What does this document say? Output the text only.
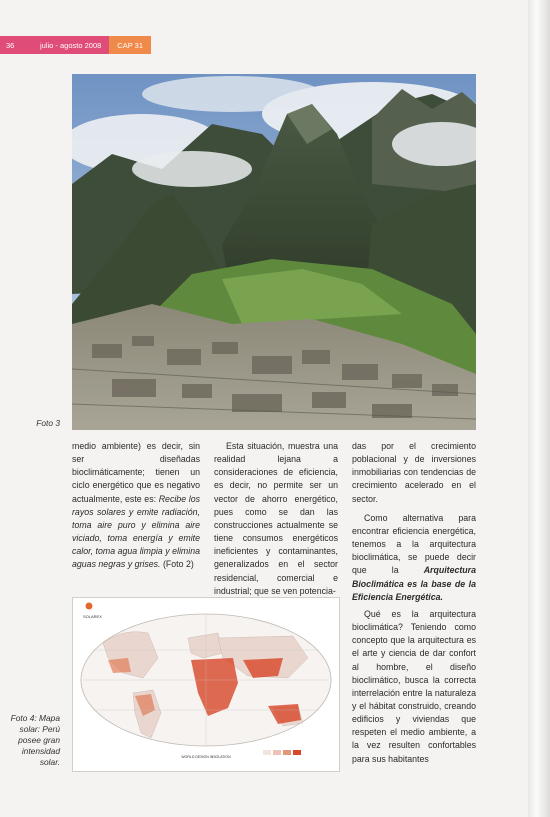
36	julio - agosto 2008	CAP 31
Foto 3

medio ambiente) es decir, sin ser diseñadas bioclimáticamente; tienen un ciclo energético que es negativo actualmente, este es: Recibe los rayos solares y emite radiación, toma aire puro y elimina aire viciado, toma energía y emite calor, toma agua limpia y elimina aguas negras y grises. (Foto 2)

Esta situación, muestra una realidad lejana a consideraciones de eficiencia, es decir, no permite ser un vector de ahorro energético, pues como se dan las construcciones actualmente se tiene consumos energéticos ineficientes y contaminantes, generalizados en el sector residencial, comercial e industrial; que se ven potencia-

das por el crecimiento poblacional y de inversiones inmobiliarias con tendencias de crecimiento acelerado en el sector.

Como alternativa para encontrar eficiencia energética, tenemos a la arquitectura bioclimática, se puede decir que la	Arquitectura Bioclimática es la base de la Eficiencia Energética.

Qué es la arquitectura bioclimática? Teniendo como concepto que la arquitectura es el arte y ciencia de dar confort al hombre, el diseño bioclimático, busca la correcta interrelación entre la naturaleza y el hábitat construido, creando edificios y viviendas que respeten el medio ambiente, a la vez resulten confortables para sus habitantes

SOLAREX
WORLD DESIGN INSOLATION
Foto 4: Mapa solar: Perú posee gran intensidad solar.
